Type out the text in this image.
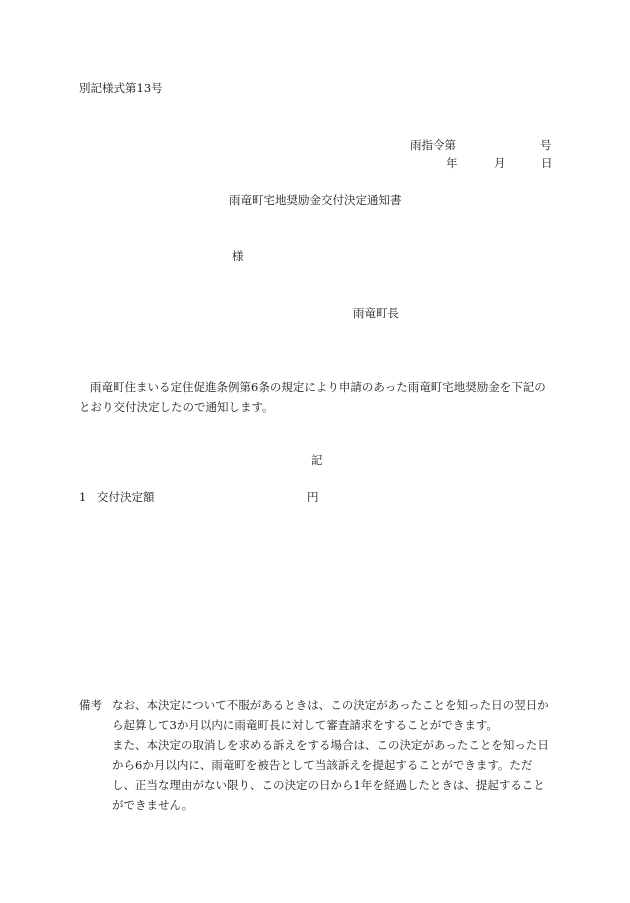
別記様式第13号
雨指令第	号
年	月	日
雨竜町宅地奨励金交付決定通知書
様
雨竜町長
雨竜町住まいる定住促進条例第6条の規定により申請のあった雨竜町宅地奨励金を下記のとおり交付決定したので通知します。
記
1 交付決定額	円
備考 なお、本決定について不服があるときは、この決定があったことを知った日の翌日から起算して3か月以内に雨竜町長に対して審査請求をすることができます。

また、本決定の取消しを求める訴えをする場合は、この決定があったことを知った日から6か月以内に、雨竜町を被告として当該訴えを提起することができます。ただし、正当な理由がない限り、この決定の日から1年を経過したときは、提起することができません。
